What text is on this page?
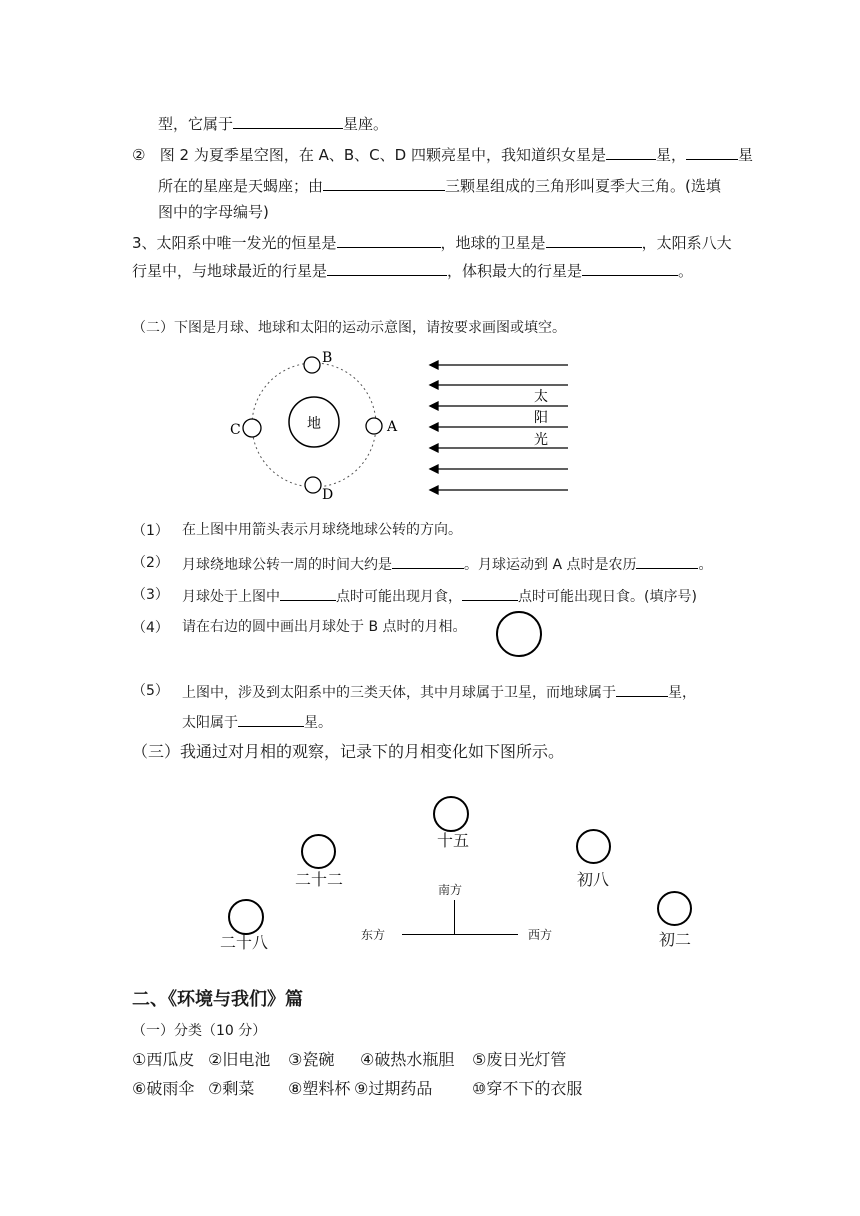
型，它属于	星座。
② 图 2 为夏季星空图，在 A、B、C、D 四颗亮星中，我知道织女星是	星，	星
所在的星座是天蝎座；由	三颗星组成的三角形叫夏季大三角。(选填
图中的字母编号)
3、太阳系中唯一发光的恒星是	，地球的卫星是	，太阳系八大
行星中，与地球最近的行星是	，体积最大的行星是	。
（二）下图是月球、地球和太阳的运动示意图，请按要求画图或填空。
地
B
A
C
D
太
阳
光
（1） 在上图中用箭头表示月球绕地球公转的方向。
（2） 月球绕地球公转一周的时间大约是	。月球运动到 A 点时是农历	。
（3） 月球处于上图中	点时可能出现月食，	点时可能出现日食。(填序号)
（4） 请在右边的圆中画出月球处于 B 点时的月相。
（5） 上图中，涉及到太阳系中的三类天体，其中月球属于卫星，而地球属于	星，
太阳属于	星。
（三）我通过对月相的观察，记录下的月相变化如下图所示。
十五
二十二	初八
二十八	初二
南方
东方	西方
二、《环境与我们》篇
（一）分类（10 分）
①西瓜皮 ②旧电池 ③瓷碗 ④破热水瓶胆 ⑤废日光灯管
⑥破雨伞 ⑦剩菜 ⑧塑料杯 ⑨过期药品 ⑩穿不下的衣服
